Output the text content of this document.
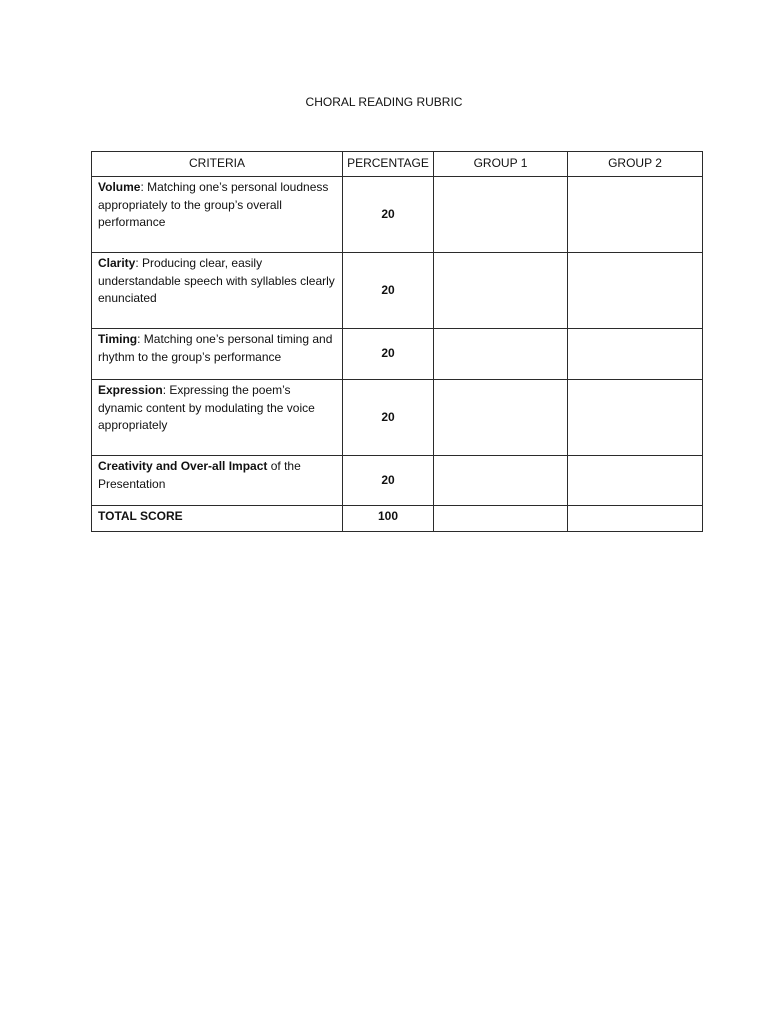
CHORAL READING RUBRIC
CRITERIA	PERCENTAGE	GROUP 1	GROUP 2
Volume: Matching one’s personal loudness appropriately to the group’s overall performance	20		
Clarity: Producing clear, easily understandable speech with syllables clearly enunciated	20		
Timing: Matching one’s personal timing and rhythm to the group’s performance	20		
Expression: Expressing the poem’s dynamic content by modulating the voice appropriately	20		
Creativity and Over-all Impact of the Presentation	20		
TOTAL SCORE	100		
